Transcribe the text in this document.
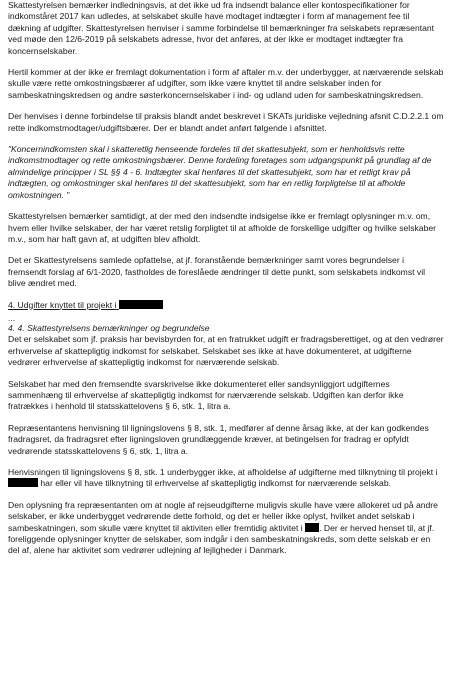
Skattestyrelsen bemærker indledningsvis, at det ikke ud fra indsendt balance eller kontospecifikationer for indkomståret 2017 kan udledes, at selskabet skulle have modtaget indtægter i form af management fee til dækning af udgifter. Skattestyrelsen henviser i samme forbindelse til bemærkninger fra selskabets repræsentant ved møde den 12/6-2019 på selskabets adresse, hvor det anføres, at der ikke er modtaget indtægter fra koncernselskaber.

Hertil kommer at der ikke er fremlagt dokumentation i form af aftaler m.v. der underbygger, at nærværende selskab skulle være rette omkostningsbærer af udgifter, som ikke være knyttet til andre selskaber inden for sambeskatningskredsen og andre søsterkoncernselskaber i ind- og udland uden for sambeskatningskredsen.

Der henvises i denne forbindelse til praksis blandt andet beskrevet i SKATs juridiske vejledning afsnit C.D.2.2.1 om rette indkomstmodtager/udgiftsbærer. Der er blandt andet anført følgende i afsnittet.

"Koncernindkomsten skal i skatteretlig henseende fordeles til det skattesubjekt, som er henholdsvis rette indkomstmodtager og rette omkostningsbærer. Denne fordeling foretages som udgangspunkt på grundlag af de almindelige principper i SL §§ 4 - 6. Indtægter skal henføres til det skattesubjekt, som har et retligt krav på indtægten, og omkostninger skal henføres til det skattesubjekt, som har en retlig forpligtelse til at afholde omkostningen. "

Skattestyrelsen bemærker samtidigt, at der med den indsendte indsigelse ikke er fremlagt oplysninger m.v. om, hvem eller hvilke selskaber, der har været retslig forpligtet til at afholde de forskellige udgifter og hvilke selskaber m.v., som har haft gavn af, at udgiften blev afholdt.

Det er Skattestyrelsens samlede opfattelse, at jf. foranstående bemærkninger samt vores begrundelser i fremsendt forslag af 6/1-2020, fastholdes de foreslåede ændringer til dette punkt, som selskabets indkomst vil blive ændret med.

4. Udgifter knyttet til projekt i

...

4. 4. Skattestyrelsens bemærkninger og begrundelse

Det er selskabet som jf. praksis har bevisbyrden for, at en fratrukket udgift er fradragsberettiget, og at den vedrører erhvervelse af skattepligtig indkomst for selskabet. Selskabet ses ikke at have dokumenteret, at udgifterne vedrører erhvervelse af skattepligtig indkomst for nærværende selskab.

Selskabet har med den fremsendte svarskrivelse ikke dokumenteret eller sandsynliggjort udgifternes sammenhæng til erhvervelse af skattepligtig indkomst for nærværende selskab. Udgiften kan derfor ikke fratrækkes i henhold til statsskattelovens § 6, stk. 1, litra a.

Repræsentantens henvisning til ligningslovens § 8, stk. 1, medfører af denne årsag ikke, at der kan godkendes fradragsret, da fradragsret efter ligningsloven grundlæggende kræver, at betingelsen for fradrag er opfyldt vedrørende statsskattelovens § 6, stk. 1, litra a.

Henvisningen til ligningslovens § 8, stk. 1 underbygger ikke, at afholdelse af udgifterne med tilknytning til projekt i  har eller vil have tilknytning til erhvervelse af skattepligtig indkomst for nærværende selskab.

Den oplysning fra repræsentanten om at nogle af rejseudgifterne muligvis skulle have være allokeret ud på andre selskaber, er ikke underbygget vedrørende dette forhold, og det er heller ikke oplyst, hvilket andet selskab i sambeskatningen, som skulle være knyttet til aktiviten eller fremtidig aktivitet i . Der er herved henset til, at jf. foreliggende oplysninger knytter de selskaber, som indgår i den sambeskatningskreds, som dette selskab er en del af, alene har aktivitet som vedrører udlejning af lejligheder i Danmark.
